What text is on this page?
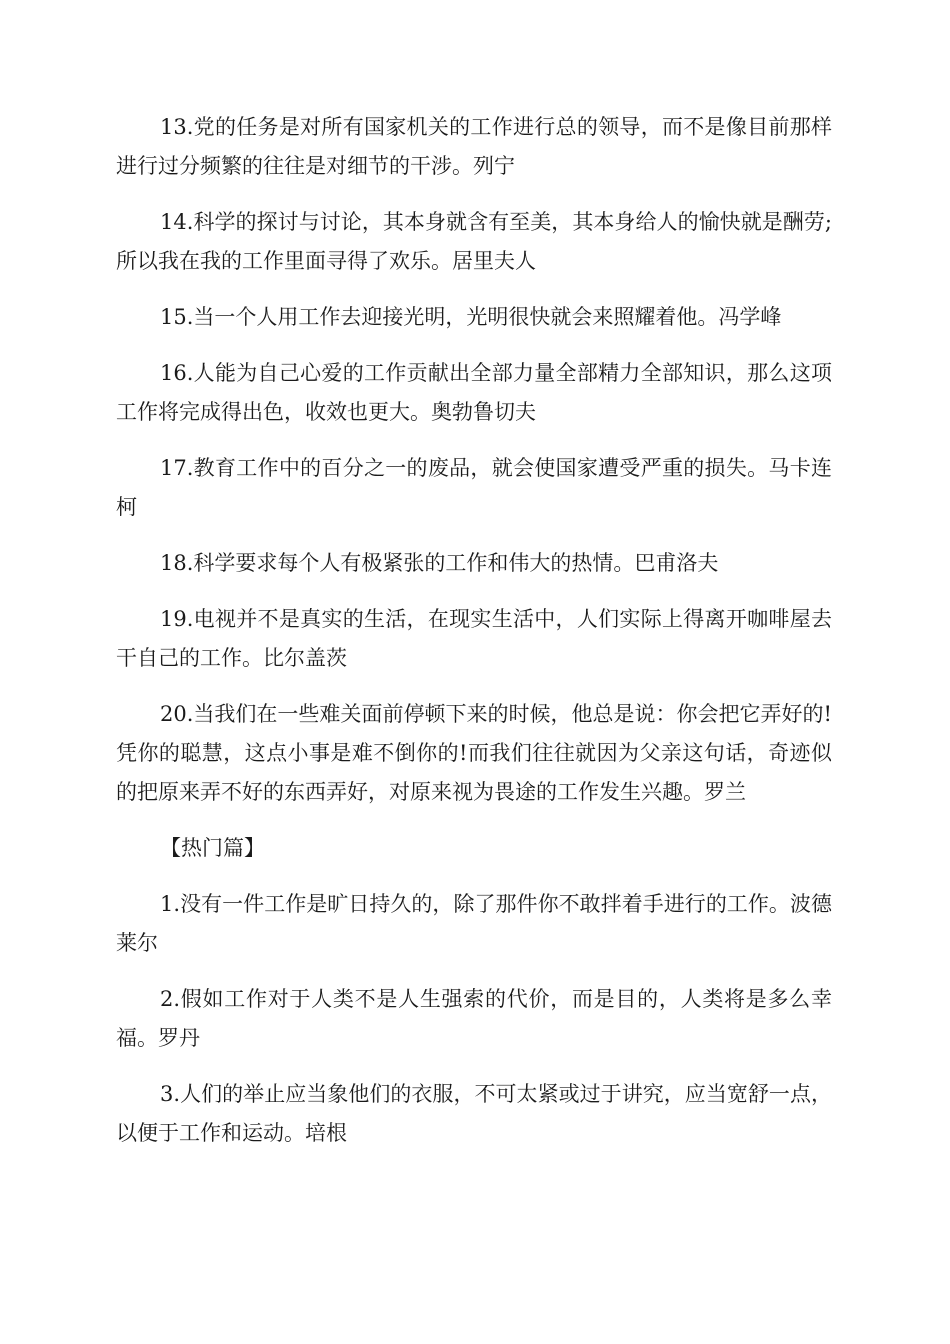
13.党的任务是对所有国家机关的工作进行总的领导，而不是像目前那样进行过分频繁的往往是对细节的干涉。列宁

14.科学的探讨与讨论，其本身就含有至美，其本身给人的愉快就是酬劳;所以我在我的工作里面寻得了欢乐。居里夫人

15.当一个人用工作去迎接光明，光明很快就会来照耀着他。冯学峰

16.人能为自己心爱的工作贡献出全部力量全部精力全部知识，那么这项工作将完成得出色，收效也更大。奥勃鲁切夫

17.教育工作中的百分之一的废品，就会使国家遭受严重的损失。马卡连柯

18.科学要求每个人有极紧张的工作和伟大的热情。巴甫洛夫

19.电视并不是真实的生活，在现实生活中，人们实际上得离开咖啡屋去干自己的工作。比尔盖茨

20.当我们在一些难关面前停顿下来的时候，他总是说：你会把它弄好的!凭你的聪慧，这点小事是难不倒你的!而我们往往就因为父亲这句话，奇迹似的把原来弄不好的东西弄好，对原来视为畏途的工作发生兴趣。罗兰

【热门篇】

1.没有一件工作是旷日持久的，除了那件你不敢拌着手进行的工作。波德莱尔

2.假如工作对于人类不是人生强索的代价，而是目的，人类将是多么幸福。罗丹

3.人们的举止应当象他们的衣服，不可太紧或过于讲究，应当宽舒一点，以便于工作和运动。培根
